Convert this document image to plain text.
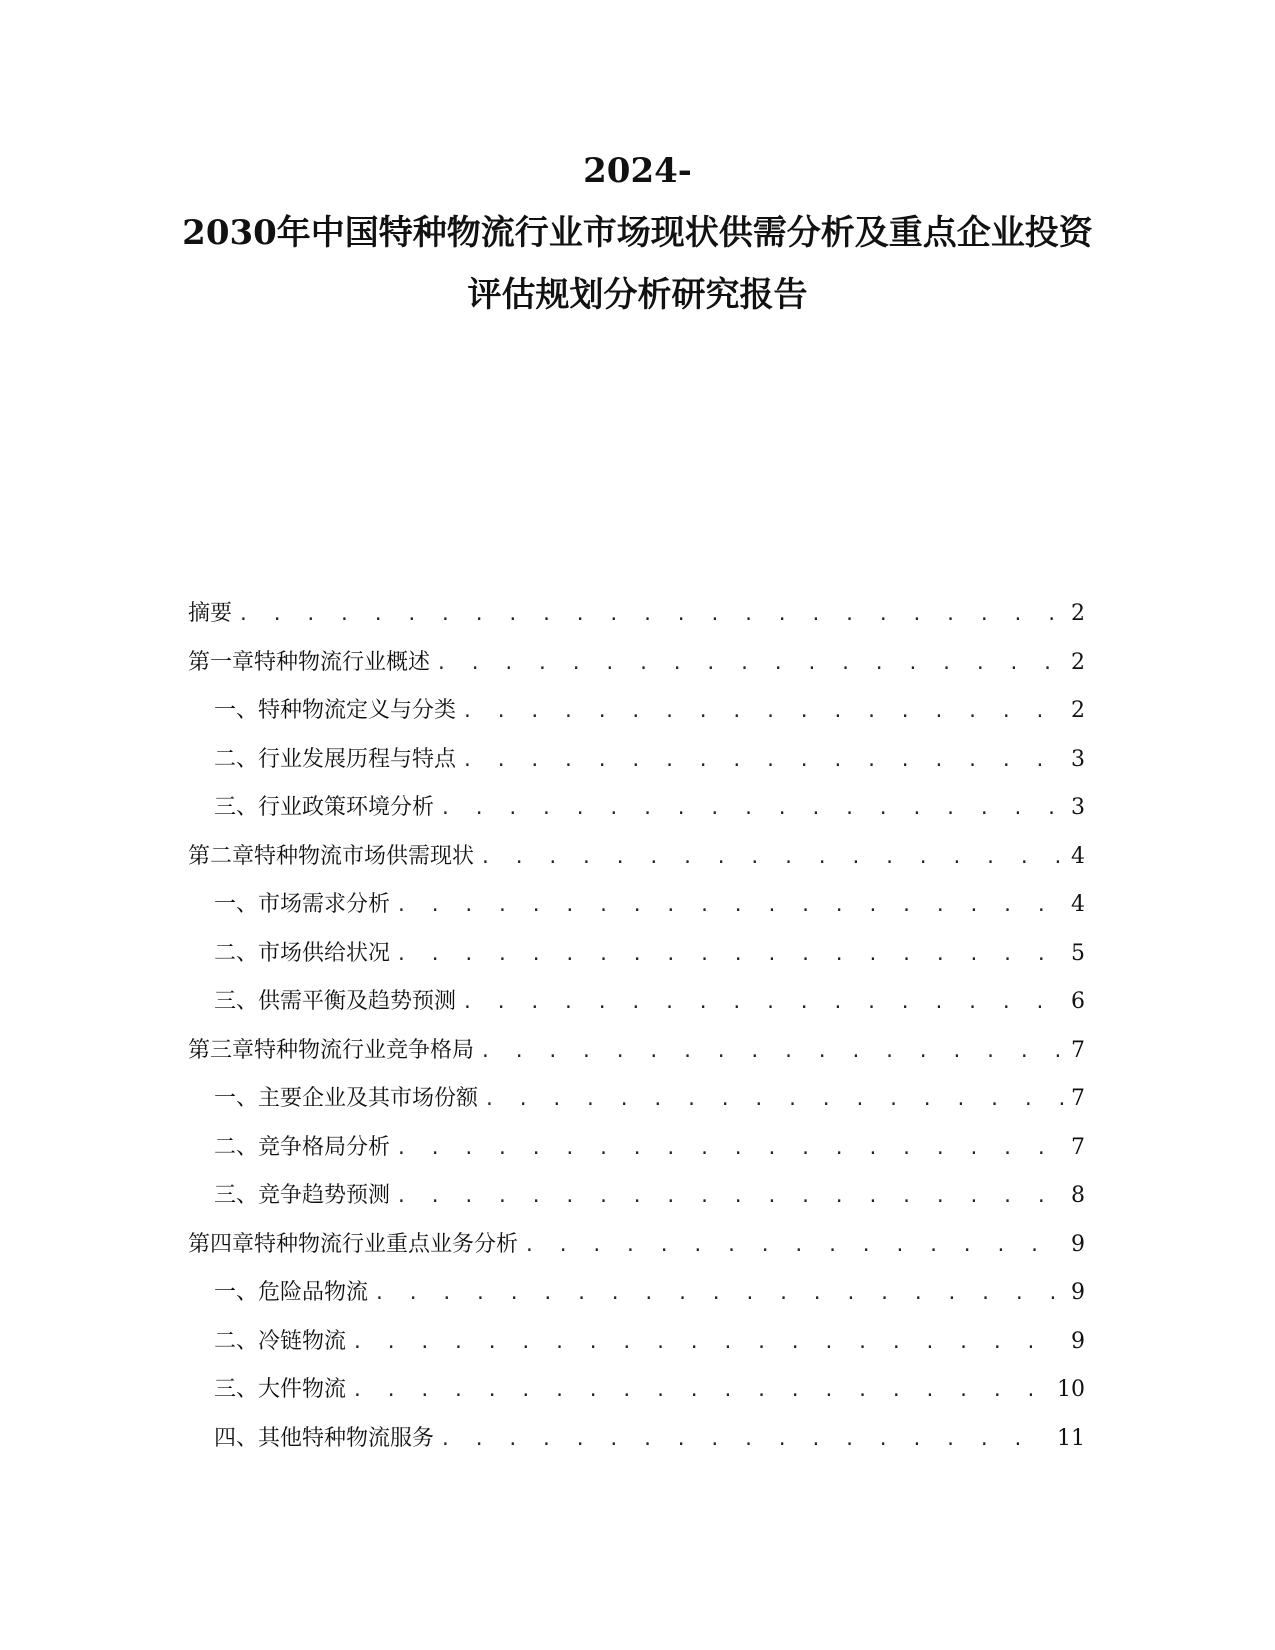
2024-
2030年中国特种物流行业市场现状供需分析及重点企业投资
评估规划分析研究报告
摘要 . . .	2
第一章 特种物流行业概述 . . .	2
一、 特种物流定义与分类 . . .	2
二、 行业发展历程与特点 . . .	3
三、 行业政策环境分析 . . .	3
第二章 特种物流市场供需现状 . . .	4
一、 市场需求分析 . . .	4
二、 市场供给状况 . . .	5
三、 供需平衡及趋势预测 . . .	6
第三章 特种物流行业竞争格局 . . .	7
一、 主要企业及其市场份额 . . .	7
二、 竞争格局分析 . . .	7
三、 竞争趋势预测 . . .	8
第四章 特种物流行业重点业务分析 . . .	9
一、 危险品物流 . . .	9
二、 冷链物流 . . .	9
三、 大件物流 . . .	10
四、 其他特种物流服务 . . .	11
